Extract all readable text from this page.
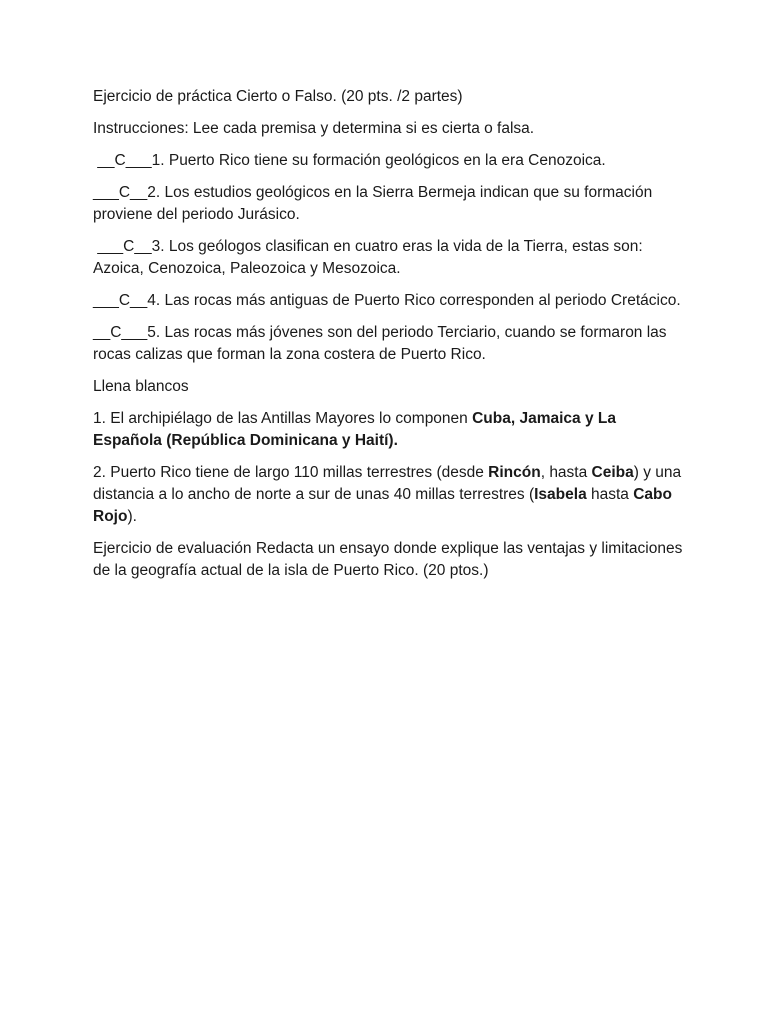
Ejercicio de práctica Cierto o Falso. (20 pts. /2 partes)

Instrucciones: Lee cada premisa y determina si es cierta o falsa.

__C___1. Puerto Rico tiene su formación geológicos en la era Cenozoica.

___C__2. Los estudios geológicos en la Sierra Bermeja indican que su formación proviene del periodo Jurásico.

___C__3. Los geólogos clasifican en cuatro eras la vida de la Tierra, estas son: Azoica, Cenozoica, Paleozoica y Mesozoica.

___C__4. Las rocas más antiguas de Puerto Rico corresponden al periodo Cretácico.

__C___5. Las rocas más jóvenes son del periodo Terciario, cuando se formaron las rocas calizas que forman la zona costera de Puerto Rico.

Llena blancos

1. El archipiélago de las Antillas Mayores lo componen Cuba, Jamaica y La Española (República Dominicana y Haití).

2. Puerto Rico tiene de largo 110 millas terrestres (desde Rincón, hasta Ceiba) y una distancia a lo ancho de norte a sur de unas 40 millas terrestres (Isabela hasta Cabo Rojo).

Ejercicio de evaluación Redacta un ensayo donde explique las ventajas y limitaciones de la geografía actual de la isla de Puerto Rico. (20 ptos.)
